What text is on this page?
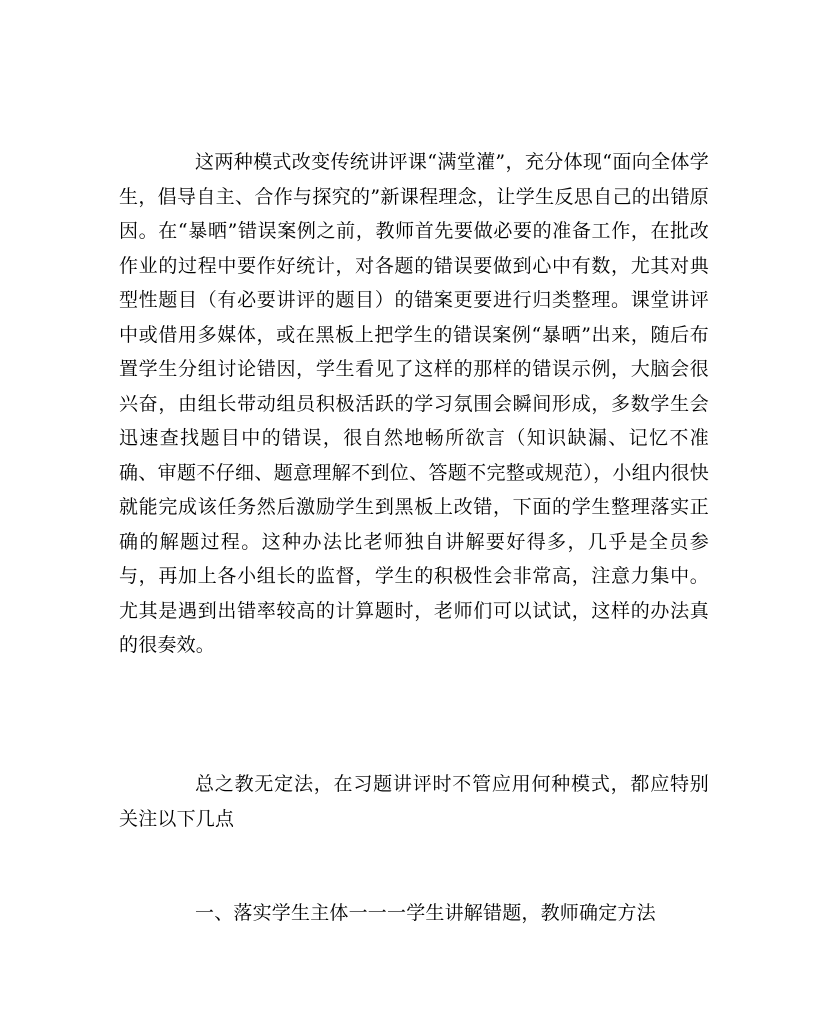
这两种模式改变传统讲评课“满堂灌”，充分体现“面向全体学生，倡导自主、合作与探究的”新课程理念，让学生反思自己的出错原因。在“暴晒”错误案例之前，教师首先要做必要的准备工作，在批改作业的过程中要作好统计，对各题的错误要做到心中有数，尤其对典型性题目（有必要讲评的题目）的错案更要进行归类整理。课堂讲评中或借用多媒体，或在黑板上把学生的错误案例“暴晒”出来，随后布置学生分组讨论错因，学生看见了这样的那样的错误示例，大脑会很兴奋，由组长带动组员积极活跃的学习氛围会瞬间形成，多数学生会迅速查找题目中的错误，很自然地畅所欲言（知识缺漏、记忆不准确、审题不仔细、题意理解不到位、答题不完整或规范），小组内很快就能完成该任务然后激励学生到黑板上改错，下面的学生整理落实正确的解题过程。这种办法比老师独自讲解要好得多，几乎是全员参与，再加上各小组长的监督，学生的积极性会非常高，注意力集中。尤其是遇到出错率较高的计算题时，老师们可以试试，这样的办法真的很奏效。

总之教无定法，在习题讲评时不管应用何种模式，都应特别关注以下几点

一、落实学生主体一一一学生讲解错题，教师确定方法
